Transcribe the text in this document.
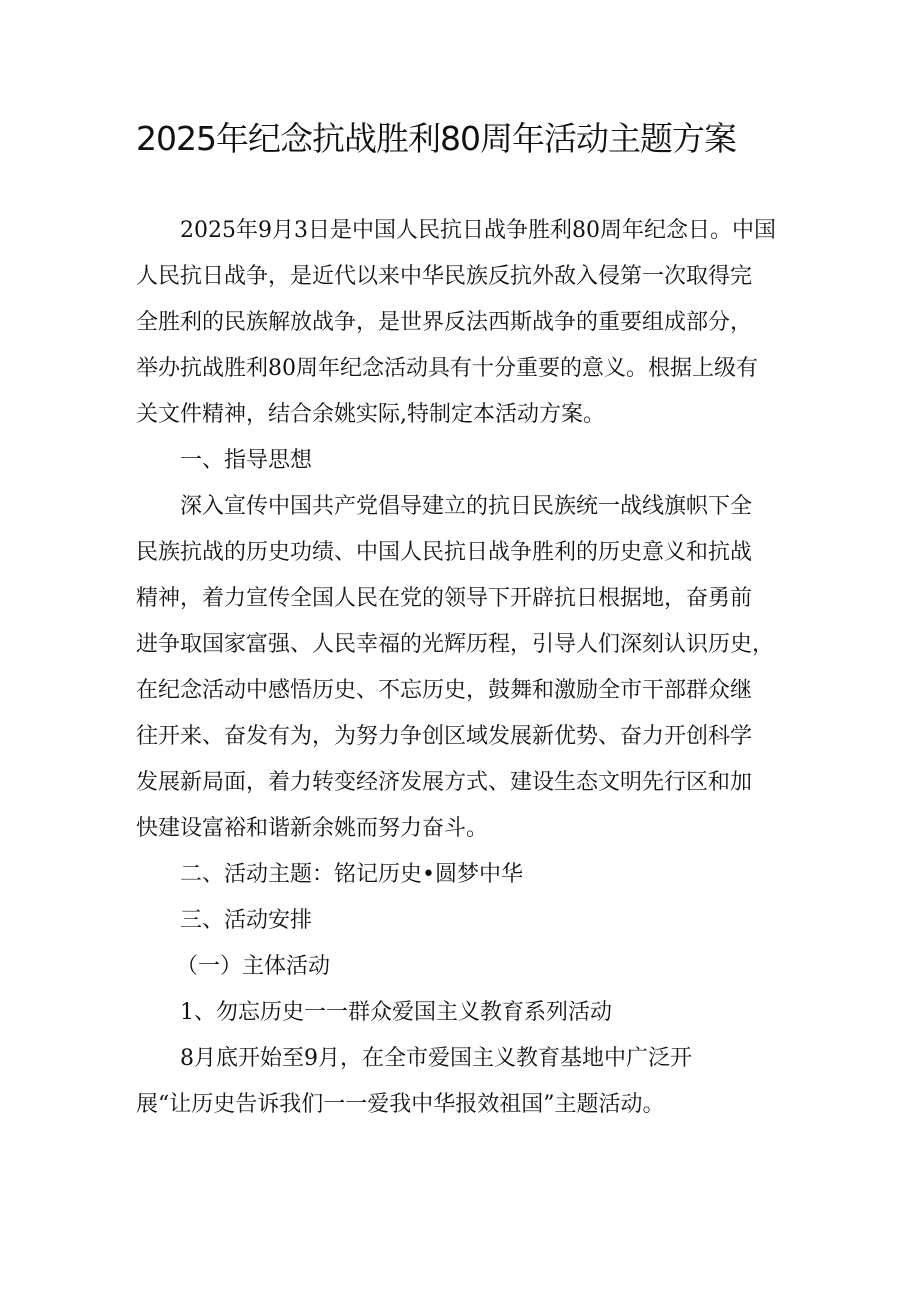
2025年纪念抗战胜利80周年活动主题方案
2025年9月3日是中国人民抗日战争胜利80周年纪念日。中国
人民抗日战争，是近代以来中华民族反抗外敌入侵第一次取得完
全胜利的民族解放战争，是世界反法西斯战争的重要组成部分，
举办抗战胜利80周年纪念活动具有十分重要的意义。根据上级有
关文件精神，结合余姚实际,特制定本活动方案。
一、指导思想
深入宣传中国共产党倡导建立的抗日民族统一战线旗帜下全
民族抗战的历史功绩、中国人民抗日战争胜利的历史意义和抗战
精神，着力宣传全国人民在党的领导下开辟抗日根据地，奋勇前
进争取国家富强、人民幸福的光辉历程，引导人们深刻认识历史，
在纪念活动中感悟历史、不忘历史，鼓舞和激励全市干部群众继
往开来、奋发有为，为努力争创区域发展新优势、奋力开创科学
发展新局面，着力转变经济发展方式、建设生态文明先行区和加
快建设富裕和谐新余姚而努力奋斗。
二、活动主题：铭记历史•圆梦中华
三、活动安排
（一）主体活动
1、勿忘历史一一群众爱国主义教育系列活动
8月底开始至9月，在全市爱国主义教育基地中广泛开
展“让历史告诉我们一一爱我中华报效祖国”主题活动。
